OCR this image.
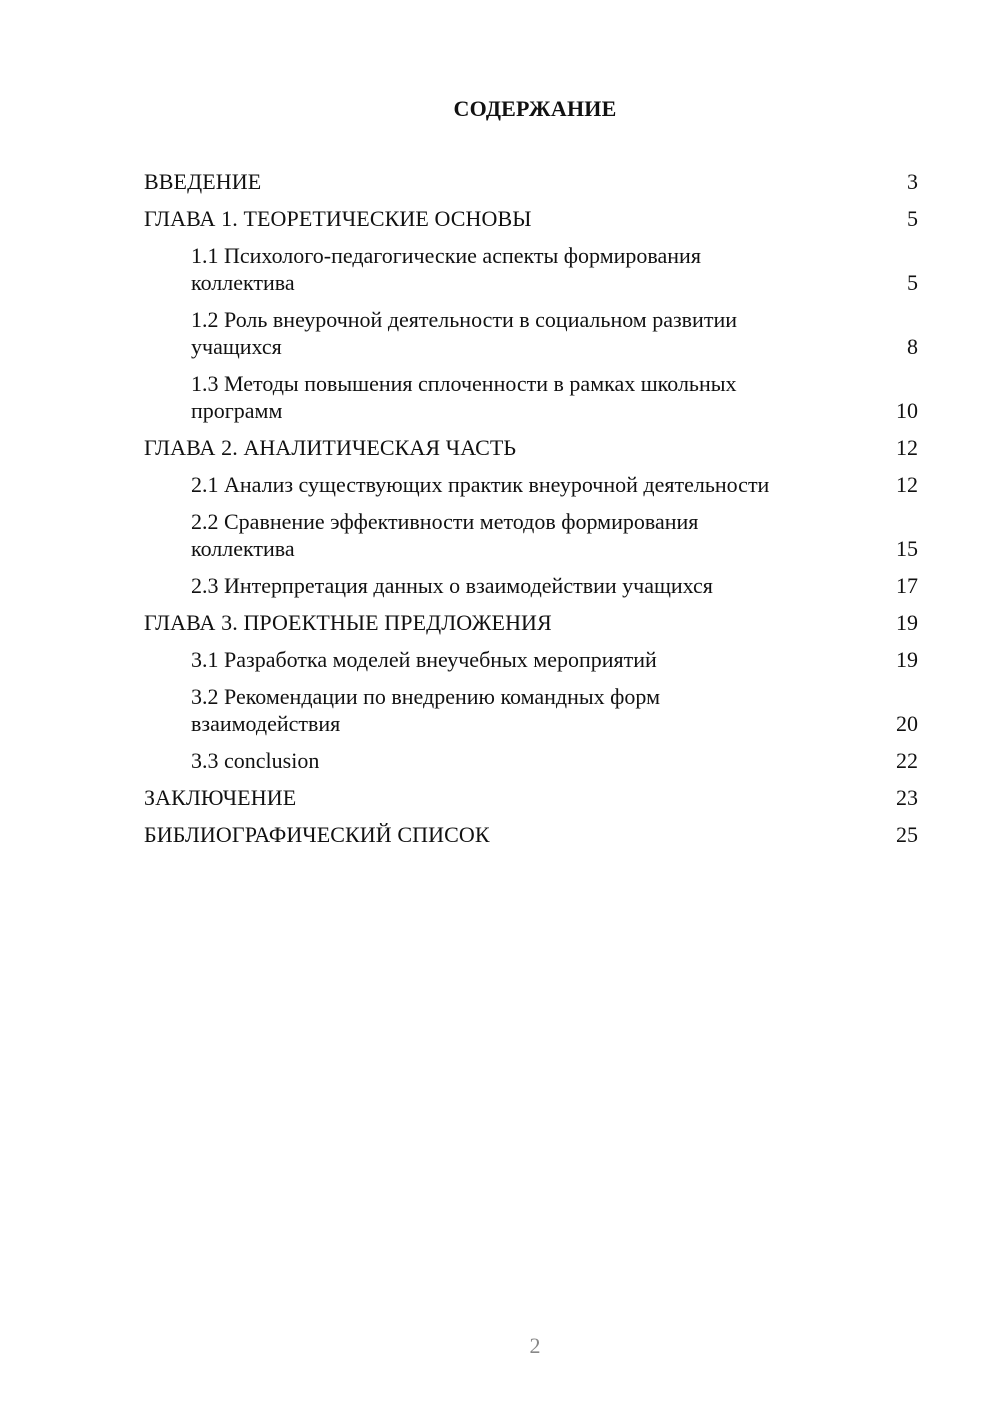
СОДЕРЖАНИЕ
ВВЕДЕНИЕ	3
ГЛАВА 1. ТЕОРЕТИЧЕСКИЕ ОСНОВЫ	5
1.1 Психолого-педагогические аспекты формирования коллектива	5
1.2 Роль внеурочной деятельности в социальном развитии учащихся	8
1.3 Методы повышения сплоченности в рамках школьных программ	10
ГЛАВА 2. АНАЛИТИЧЕСКАЯ ЧАСТЬ	12
2.1 Анализ существующих практик внеурочной деятельности	12
2.2 Сравнение эффективности методов формирования коллектива	15
2.3 Интерпретация данных о взаимодействии учащихся	17
ГЛАВА 3. ПРОЕКТНЫЕ ПРЕДЛОЖЕНИЯ	19
3.1 Разработка моделей внеучебных мероприятий	19
3.2 Рекомендации по внедрению командных форм взаимодействия	20
3.3 conclusion	22
ЗАКЛЮЧЕНИЕ	23
БИБЛИОГРАФИЧЕСКИЙ СПИСОК	25
2
